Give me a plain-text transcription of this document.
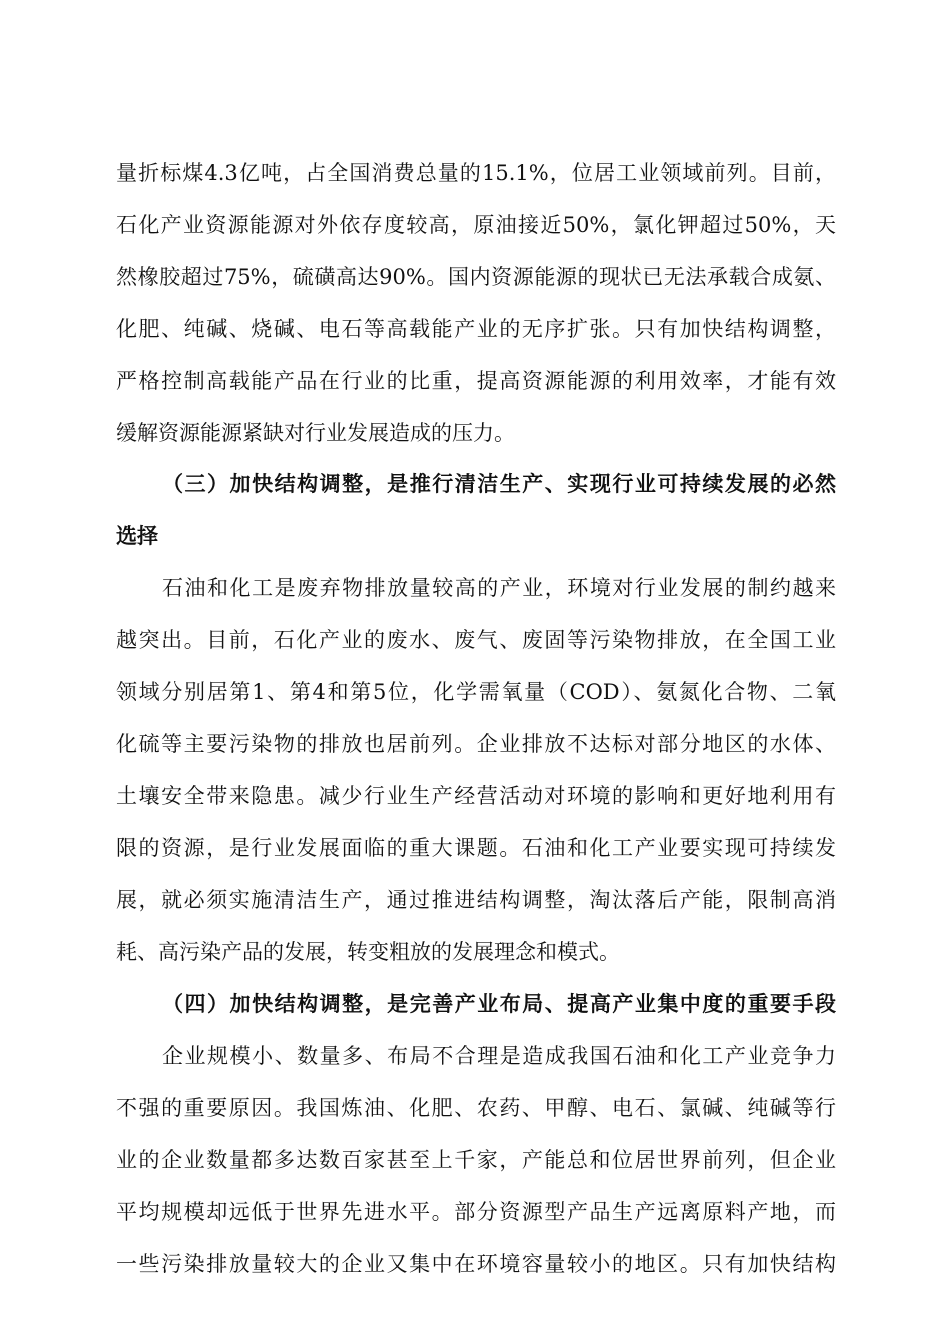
量折标煤4.3亿吨，占全国消费总量的15.1%，位居工业领域前列。目前，
石化产业资源能源对外依存度较高，原油接近50%，氯化钾超过50%，天
然橡胶超过75%，硫磺高达90%。国内资源能源的现状已无法承载合成氨、
化肥、纯碱、烧碱、电石等高载能产业的无序扩张。只有加快结构调整，
严格控制高载能产品在行业的比重，提高资源能源的利用效率，才能有效
缓解资源能源紧缺对行业发展造成的压力。
（三）加快结构调整，是推行清洁生产、实现行业可持续发展的必然
选择
石油和化工是废弃物排放量较高的产业，环境对行业发展的制约越来
越突出。目前，石化产业的废水、废气、废固等污染物排放，在全国工业
领域分别居第1、第4和第5位，化学需氧量（COD）、氨氮化合物、二氧
化硫等主要污染物的排放也居前列。企业排放不达标对部分地区的水体、
土壤安全带来隐患。减少行业生产经营活动对环境的影响和更好地利用有
限的资源，是行业发展面临的重大课题。石油和化工产业要实现可持续发
展，就必须实施清洁生产，通过推进结构调整，淘汰落后产能，限制高消
耗、高污染产品的发展，转变粗放的发展理念和模式。
（四）加快结构调整，是完善产业布局、提高产业集中度的重要手段
企业规模小、数量多、布局不合理是造成我国石油和化工产业竞争力
不强的重要原因。我国炼油、化肥、农药、甲醇、电石、氯碱、纯碱等行
业的企业数量都多达数百家甚至上千家，产能总和位居世界前列，但企业
平均规模却远低于世界先进水平。部分资源型产品生产远离原料产地，而
一些污染排放量较大的企业又集中在环境容量较小的地区。只有加快结构
